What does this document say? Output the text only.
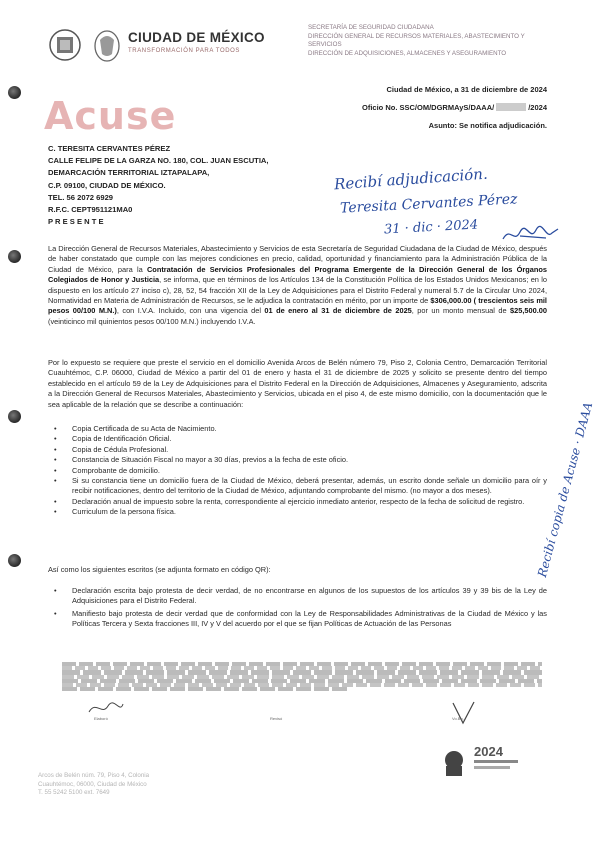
CIUDAD DE MÉXICO
TRANSFORMACIÓN PARA TODOS
SECRETARÍA DE SEGURIDAD CIUDADANA
DIRECCIÓN GENERAL DE RECURSOS MATERIALES, ABASTECIMIENTO Y
SERVICIOS
DIRECCIÓN DE ADQUISICIONES, ALMACENES Y ASEGURAMIENTO
Acuse
Ciudad de México, a 31 de diciembre de 2024
Oficio No. SSC/OM/DGRMAyS/DAAA/	/2024
Asunto: Se notifica adjudicación.
C. TERESITA CERVANTES PÉREZ
CALLE FELIPE DE LA GARZA NO. 180, COL. JUAN ESCUTIA,
DEMARCACIÓN TERRITORIAL IZTAPALAPA,
C.P. 09100, CIUDAD DE MÉXICO.
TEL. 56 2072 6929
R.F.C. CEPT951121MA0
P R E S E N T E
Recibí adjudicación.
Teresita Cervantes Pérez
31 · dic · 2024
Recibí copia de Acuse · DAAA
La Dirección General de Recursos Materiales, Abastecimiento y Servicios de esta Secretaría de Seguridad Ciudadana de la Ciudad de México, después de haber constatado que cumple con las mejores condiciones en precio, calidad, oportunidad y financiamiento para la Administración Pública de la Ciudad de México, para la Contratación de Servicios Profesionales del Programa Emergente de la Dirección General de los Órganos Colegiados de Honor y Justicia, se informa, que en términos de los Artículos 134 de la Constitución Política de los Estados Unidos Mexicanos; en lo dispuesto en los artículo 27 inciso c), 28, 52, 54 fracción XII de la Ley de Adquisiciones para el Distrito Federal y numeral 5.7 de la Circular Uno 2024, Normatividad en Materia de Administración de Recursos, se le adjudica la contratación en mérito, por un importe de $306,000.00 ( trescientos seis mil pesos 00/100 M.N.), con I.V.A. Incluido, con una vigencia del 01 de enero al 31 de diciembre de 2025, por un monto mensual de $25,500.00 (veinticinco mil quinientos pesos 00/100 M.N.) incluyendo I.V.A.
Por lo expuesto se requiere que preste el servicio en el domicilio Avenida Arcos de Belén número 79, Piso 2, Colonia Centro, Demarcación Territorial Cuauhtémoc, C.P. 06000, Ciudad de México a partir del 01 de enero y hasta el 31 de diciembre de 2025 y solicito se presente dentro del tiempo establecido en el artículo 59 de la Ley de Adquisiciones para el Distrito Federal en la Dirección de Adquisiciones, Almacenes y Aseguramiento, adscrita a la Dirección General de Recursos Materiales, Abastecimiento y Servicios, ubicada en el piso 4, de este mismo domicilio, con la documentación que le sea aplicable de la relación que se describe a continuación:
• Copia Certificada de su Acta de Nacimiento.
• Copia de Identificación Oficial.
• Copia de Cédula Profesional.
• Constancia de Situación Fiscal no mayor a 30 días, previos a la fecha de este oficio.
• Comprobante de domicilio.
• Si su constancia tiene un domicilio fuera de la Ciudad de México, deberá presentar, además, un escrito donde señale un domicilio para oír y recibir notificaciones, dentro del territorio de la Ciudad de México, adjuntando comprobante del mismo. (no mayor a dos meses).
• Declaración anual de impuesto sobre la renta, correspondiente al ejercicio inmediato anterior, respecto de la fecha de solicitud de registro.
• Curriculum de la persona física.
Así como los siguientes escritos (se adjunta formato en código QR):
• Declaración escrita bajo protesta de decir verdad, de no encontrarse en algunos de los supuestos de los artículos 39 y 39 bis de la Ley de Adquisiciones para el Distrito Federal.
• Manifiesto bajo protesta de decir verdad que de conformidad con la Ley de Responsabilidades Administrativas de la Ciudad de México y las Políticas Tercera y Sexta fracciones III, IV y V del acuerdo por el que se fijan Políticas de Actuación de las Personas
Elaboró	Revisó	Vo.Bo.
Arcos de Belén núm. 79, Piso 4, Colonia
Cuauhtémoc, 06000, Ciudad de México
T. 55 5242 5100 ext. 7649
2024
